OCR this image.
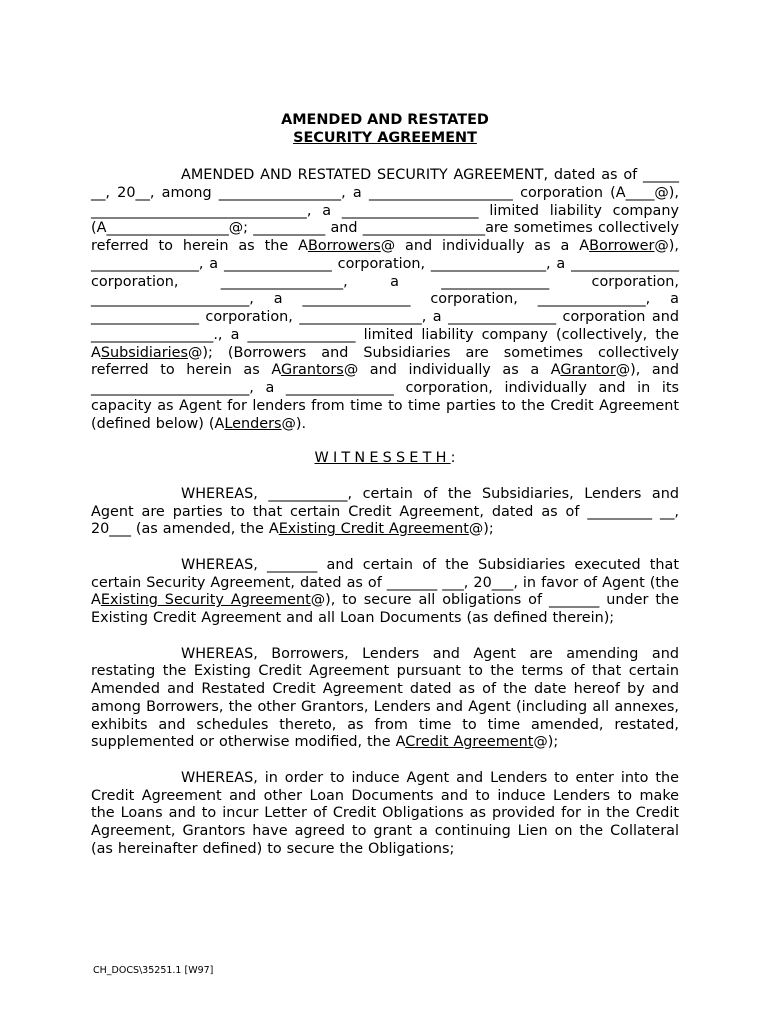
AMENDED AND RESTATED
SECURITY AGREEMENT

AMENDED AND RESTATED SECURITY AGREEMENT, dated as of _____ __, 20__, among _________________, a ____________________ corporation (A____@), ______________________________, a ___________________ limited liability company (A_________________@; __________ and _________________are sometimes collectively referred to herein as the ABorrowers@ and individually as a ABorrower@), _______________, a _______________ corporation, ________________, a _______________ corporation, _________________, a _______________ corporation, ______________________, a _______________ corporation, _______________, a _______________ corporation, _________________, a _______________ corporation and _________________., a _______________ limited liability company (collectively, the ASubsidiaries@); (Borrowers and Subsidiaries are sometimes collectively referred to herein as AGrantors@ and individually as a AGrantor@), and ______________________, a _______________ corporation, individually and in its capacity as Agent for lenders from time to time parties to the Credit Agreement (defined below) (ALenders@).

WITNESSETH:

WHEREAS, ___________, certain of the Subsidiaries, Lenders and Agent are parties to that certain Credit Agreement, dated as of _________ __, 20___ (as amended, the AExisting Credit Agreement@);

WHEREAS, _______ and certain of the Subsidiaries executed that certain Security Agreement, dated as of _______ ___, 20___, in favor of Agent (the AExisting Security Agreement@), to secure all obligations of _______ under the Existing Credit Agreement and all Loan Documents (as defined therein);

WHEREAS, Borrowers, Lenders and Agent are amending and restating the Existing Credit Agreement pursuant to the terms of that certain Amended and Restated Credit Agreement dated as of the date hereof by and among Borrowers, the other Grantors, Lenders and Agent (including all annexes, exhibits and schedules thereto, as from time to time amended, restated, supplemented or otherwise modified, the ACredit Agreement@);

WHEREAS, in order to induce Agent and Lenders to enter into the Credit Agreement and other Loan Documents and to induce Lenders to make the Loans and to incur Letter of Credit Obligations as provided for in the Credit Agreement, Grantors have agreed to grant a continuing Lien on the Collateral (as hereinafter defined) to secure the Obligations;

CH_DOCS\35251.1 [W97]
